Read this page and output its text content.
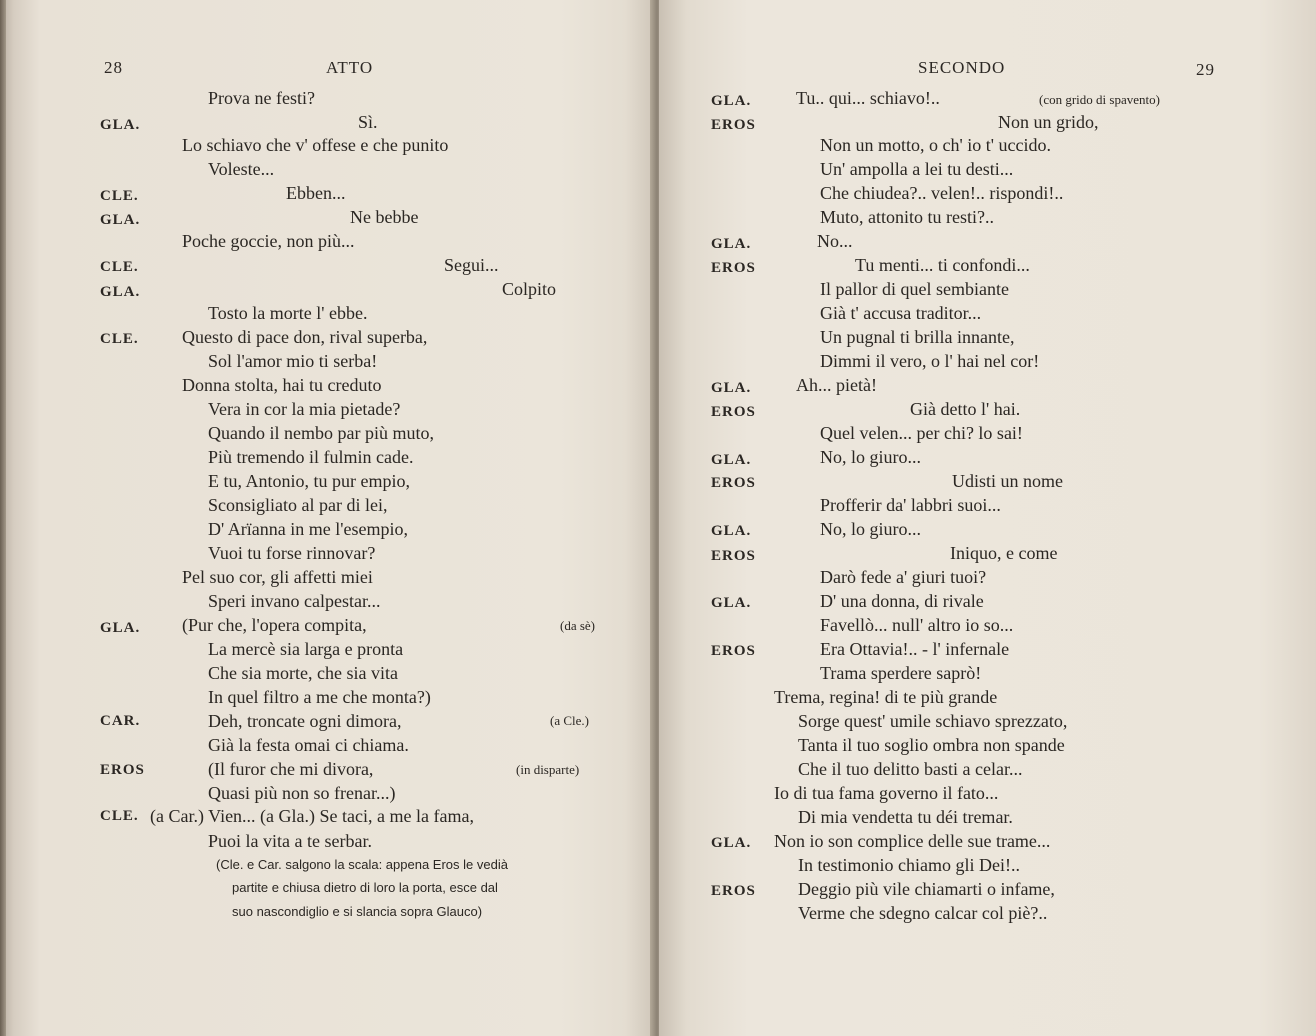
28	ATTO
GLA.
CLE.
GLA.
CLE.
GLA.
CLE.
GLA.
CAR.
EROS
CLE.
Prova ne festi?
Sì.
Lo schiavo che v' offese e che punito
Voleste...
Ebben...
Ne bebbe
Poche goccie, non più...
Segui...
Colpito
Tosto la morte l' ebbe.
Questo di pace don, rival superba,
Sol l'amor mio ti serba!
Donna stolta, hai tu creduto
Vera in cor la mia pietade?
Quando il nembo par più muto,
Più tremendo il fulmin cade.
E tu, Antonio, tu pur empio,
Sconsigliato al par di lei,
D' Arïanna in me l'esempio,
Vuoi tu forse rinnovar?
Pel suo cor, gli affetti miei
Speri invano calpestar...
(Pur che, l'opera compita,
La mercè sia larga e pronta
Che sia morte, che sia vita
In quel filtro a me che monta?)
Deh, troncate ogni dimora,
Già la festa omai ci chiama.
(Il furor che mi divora,
Quasi più non so frenar...)
(a Car.) Vien... (a Gla.) Se taci, a me la fama,
Puoi la vita a te serbar.
(da sè)
(a Cle.)
(in disparte)
(Cle. e Car. salgono la scala: appena Eros le vedià
partite e chiusa dietro di loro la porta, esce dal
suo nascondiglio e si slancia sopra Glauco)
SECONDO	29
GLA.
EROS
GLA.
EROS
GLA.
EROS
GLA.
EROS
GLA.
EROS
GLA.
EROS
GLA.
EROS
Tu.. qui... schiavo!..
Non un grido,
Non un motto, o ch' io t' uccido.
Un' ampolla a lei tu desti...
Che chiudea?.. velen!.. rispondi!..
Muto, attonito tu resti?..
No...
Tu menti... ti confondi...
Il pallor di quel sembiante
Già t' accusa traditor...
Un pugnal ti brilla innante,
Dimmi il vero, o l' hai nel cor!
Ah... pietà!
Già detto l' hai.
Quel velen... per chi? lo sai!
No, lo giuro...
Udisti un nome
Profferir da' labbri suoi...
No, lo giuro...
Iniquo, e come
Darò fede a' giuri tuoi?
D' una donna, di rivale
Favellò... null' altro io so...
Era Ottavia!.. - l' infernale
Trama sperdere saprò!
Trema, regina! di te più grande
Sorge quest' umile schiavo sprezzato,
Tanta il tuo soglio ombra non spande
Che il tuo delitto basti a celar...
Io di tua fama governo il fato...
Di mia vendetta tu déi tremar.
Non io son complice delle sue trame...
In testimonio chiamo gli Dei!..
Deggio più vile chiamarti o infame,
Verme che sdegno calcar col piè?..
(con grido di spavento)
